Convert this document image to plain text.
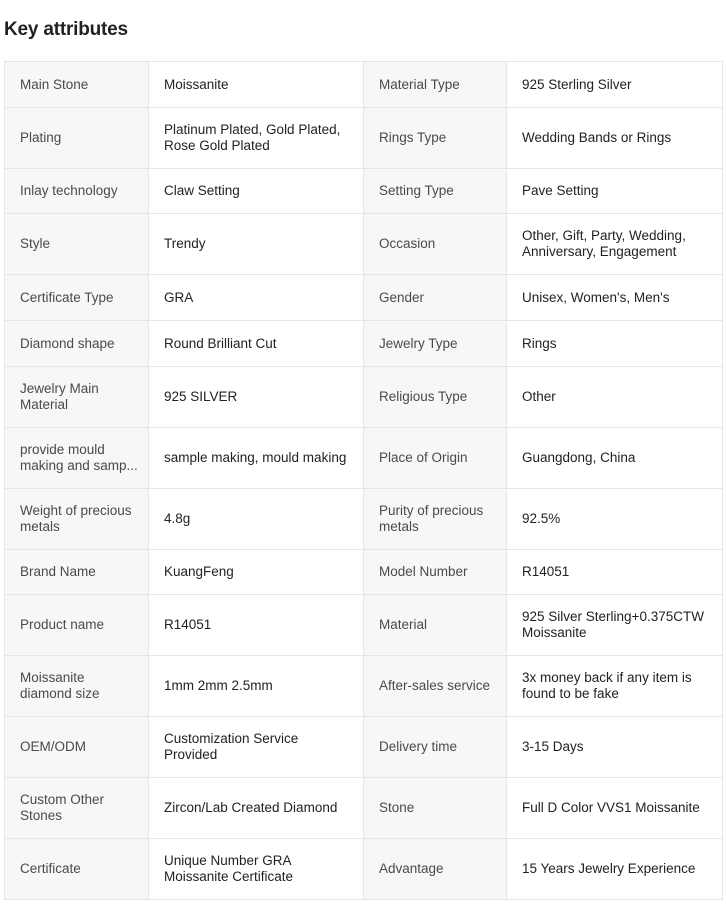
Key attributes
Main Stone	Moissanite	Material Type	925 Sterling Silver
Plating	Platinum Plated, Gold Plated, Rose Gold Plated	Rings Type	Wedding Bands or Rings
Inlay technology	Claw Setting	Setting Type	Pave Setting
Style	Trendy	Occasion	Other, Gift, Party, Wedding, Anniversary, Engagement
Certificate Type	GRA	Gender	Unisex, Women's, Men's
Diamond shape	Round Brilliant Cut	Jewelry Type	Rings
Jewelry Main Material	925 SILVER	Religious Type	Other
provide mould making and samp...	sample making, mould making	Place of Origin	Guangdong, China
Weight of precious metals	4.8g	Purity of precious metals	92.5%
Brand Name	KuangFeng	Model Number	R14051
Product name	R14051	Material	925 Silver Sterling+0.375CTW Moissanite
Moissanite diamond size	1mm 2mm 2.5mm	After-sales service	3x money back if any item is found to be fake
OEM/ODM	Customization Service Provided	Delivery time	3-15 Days
Custom Other Stones	Zircon/Lab Created Diamond	Stone	Full D Color VVS1 Moissanite
Certificate	Unique Number GRA Moissanite Certificate	Advantage	15 Years Jewelry Experience
